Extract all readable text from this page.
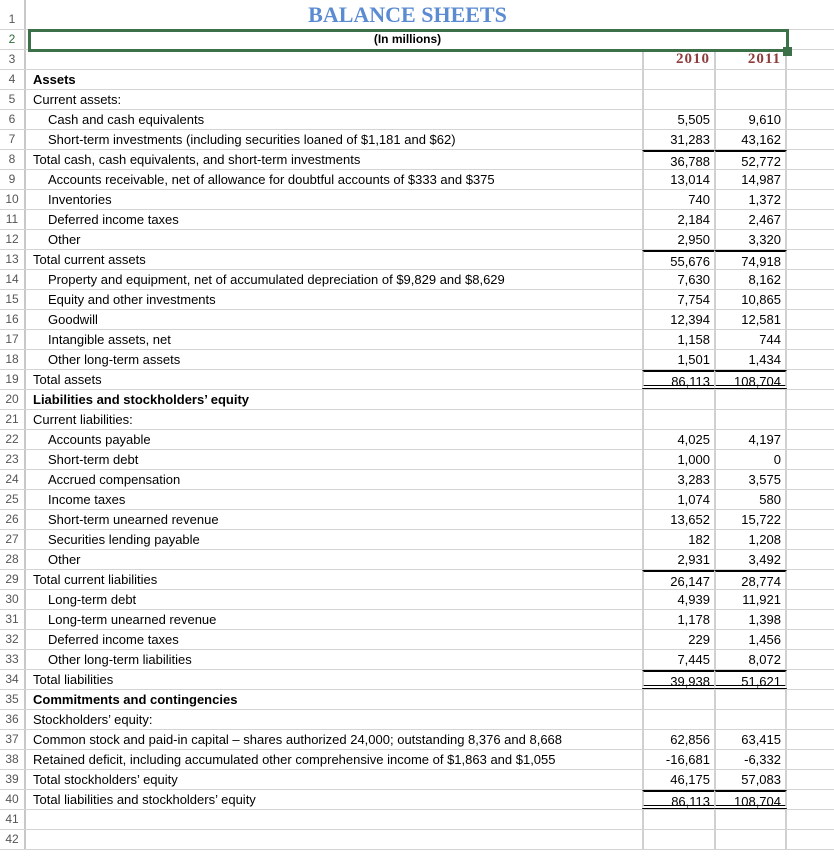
1	BALANCE SHEETS
2	(In millions)
3	2010	2011
4	Assets
5	Current assets:
6	Cash and cash equivalents	5,505	9,610
7	Short-term investments (including securities loaned of $1,181 and $62)	31,283	43,162
8	Total cash, cash equivalents, and short-term investments	36,788	52,772
9	Accounts receivable, net of allowance for doubtful accounts of $333 and $375	13,014	14,987
10	Inventories	740	1,372
11	Deferred income taxes	2,184	2,467
12	Other	2,950	3,320
13	Total current assets	55,676	74,918
14	Property and equipment, net of accumulated depreciation of $9,829 and $8,629	7,630	8,162
15	Equity and other investments	7,754	10,865
16	Goodwill	12,394	12,581
17	Intangible assets, net	1,158	744
18	Other long-term assets	1,501	1,434
19	Total assets	86,113	108,704
20	Liabilities and stockholders’ equity
21	Current liabilities:
22	Accounts payable	4,025	4,197
23	Short-term debt	1,000	0
24	Accrued compensation	3,283	3,575
25	Income taxes	1,074	580
26	Short-term unearned revenue	13,652	15,722
27	Securities lending payable	182	1,208
28	Other	2,931	3,492
29	Total current liabilities	26,147	28,774
30	Long-term debt	4,939	11,921
31	Long-term unearned revenue	1,178	1,398
32	Deferred income taxes	229	1,456
33	Other long-term liabilities	7,445	8,072
34	Total liabilities	39,938	51,621
35	Commitments and contingencies
36	Stockholders’ equity:
37	Common stock and paid-in capital – shares authorized 24,000; outstanding 8,376 and 8,668	62,856	63,415
38	Retained deficit, including accumulated other comprehensive income of $1,863 and $1,055	-16,681	-6,332
39	Total stockholders’ equity	46,175	57,083
40	Total liabilities and stockholders’ equity	86,113	108,704
41
42
